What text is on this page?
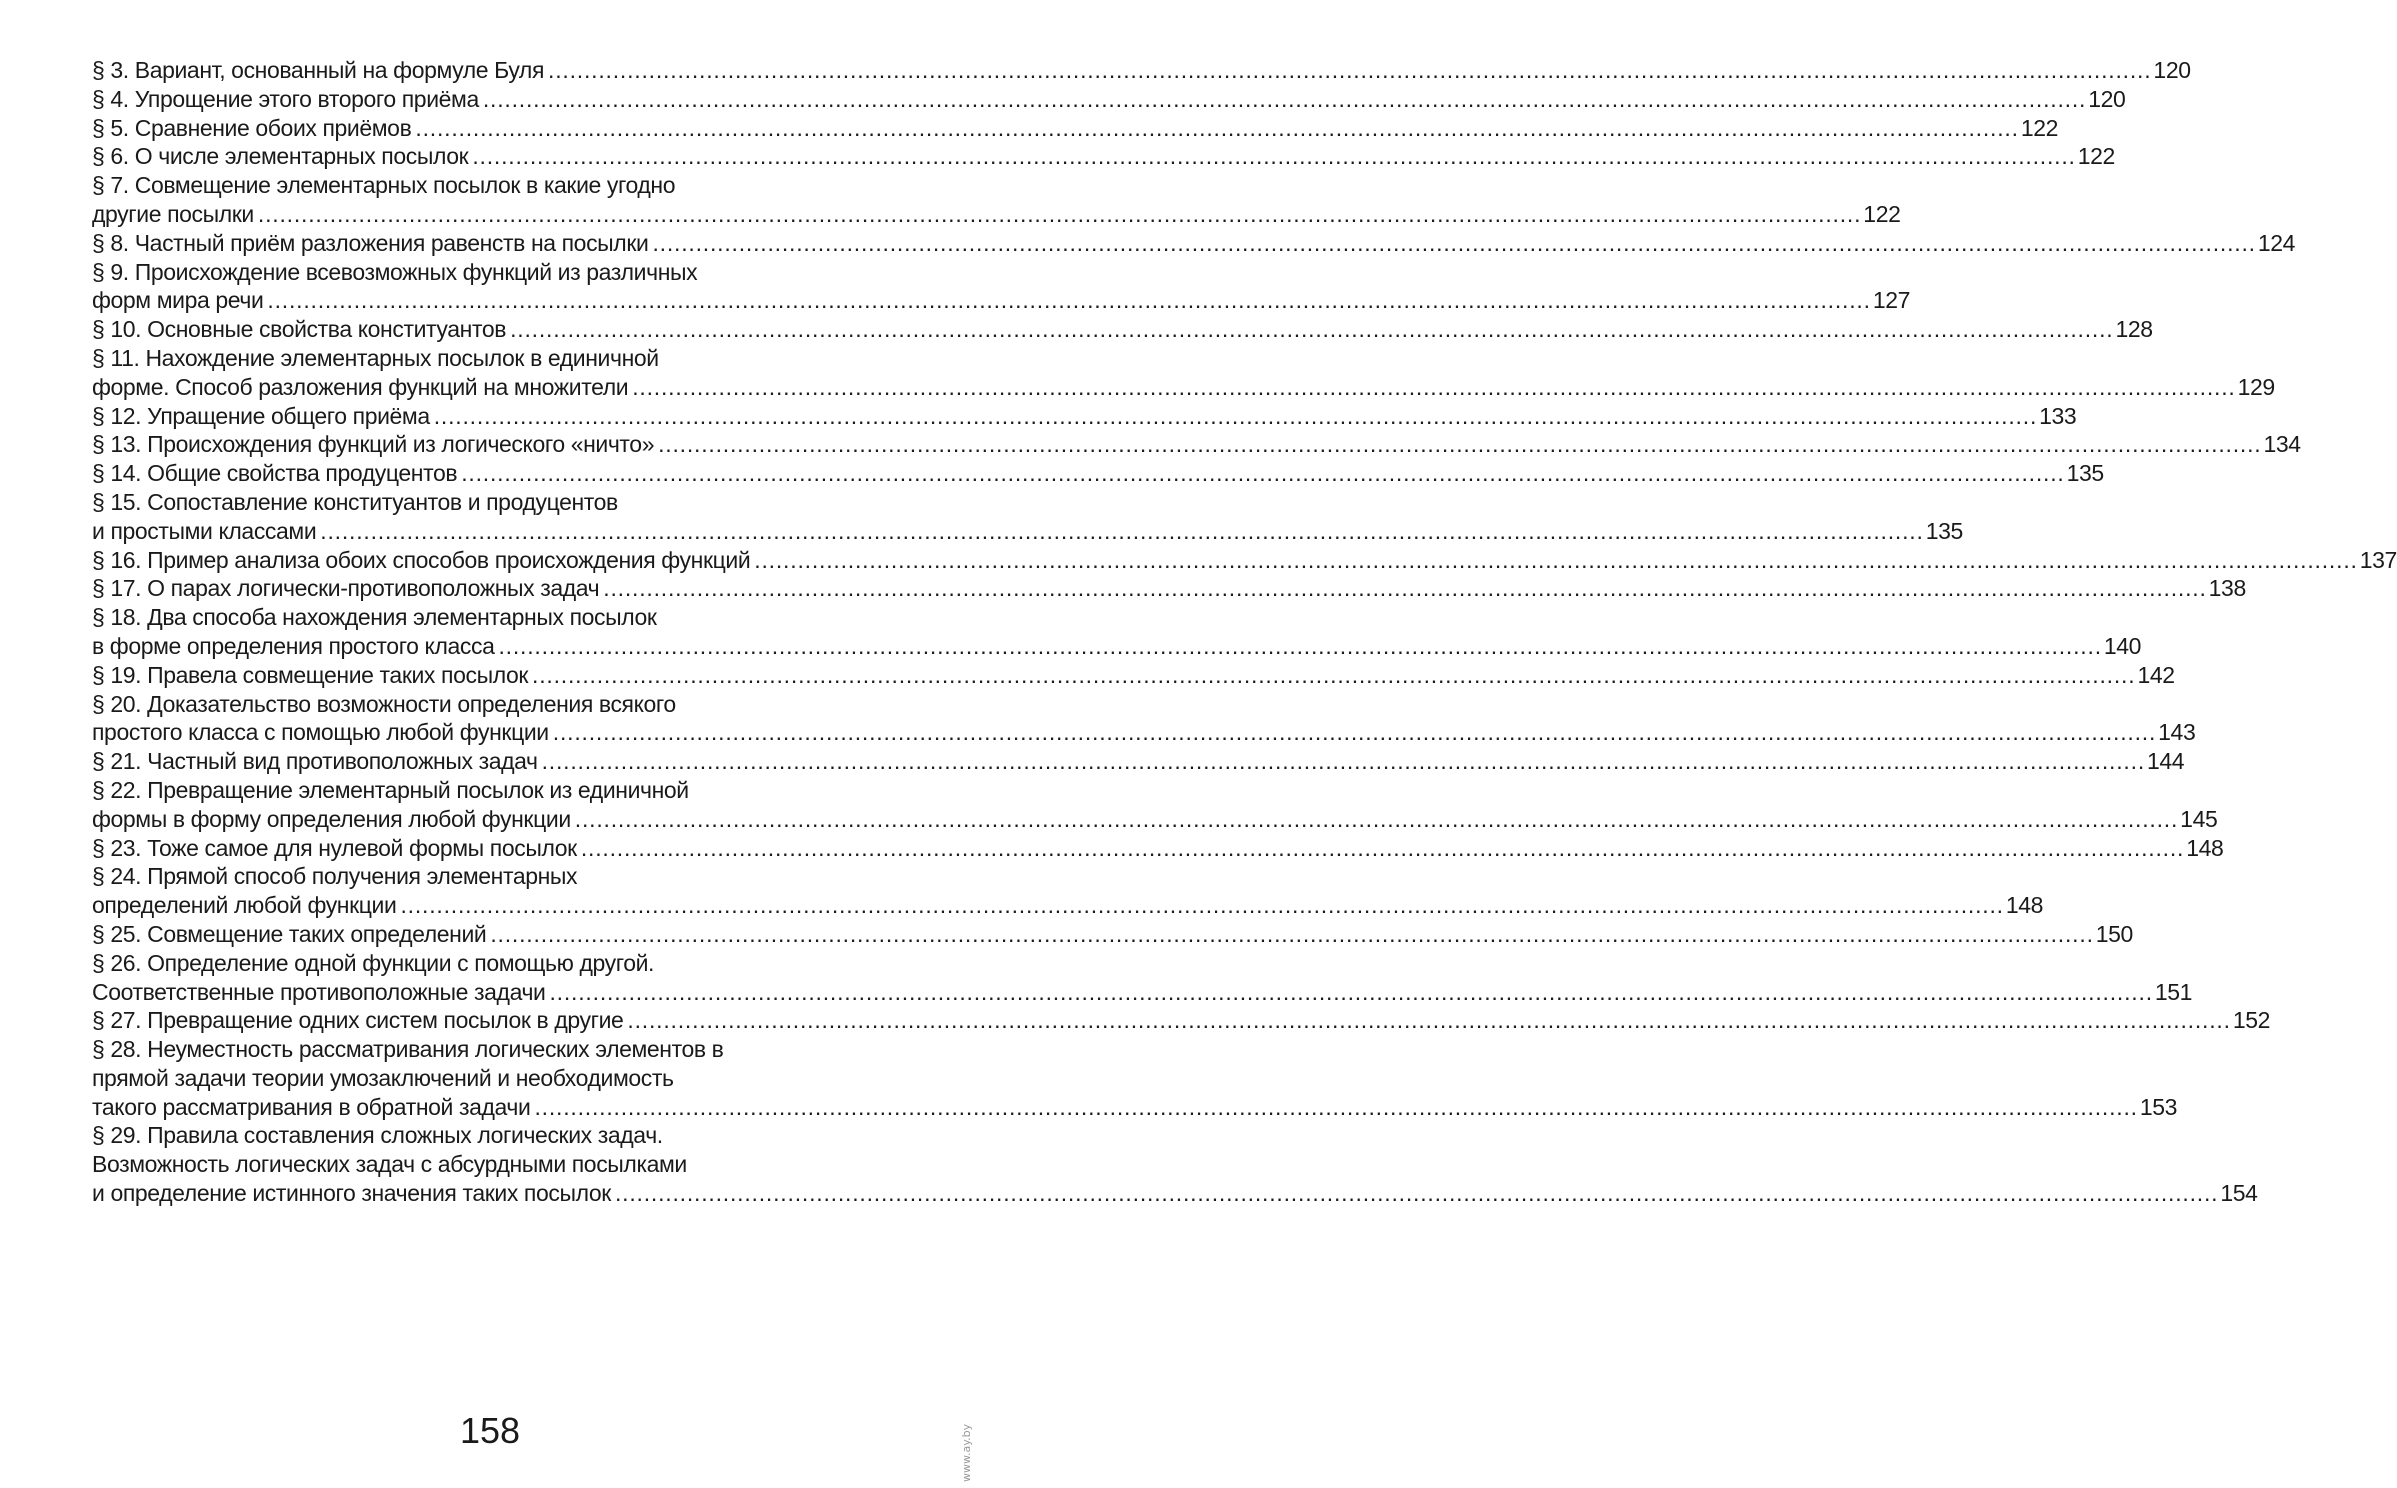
§ 3. Вариант, основанный на формуле Буля .....	120
§ 4. Упрощение этого второго приёма .....	120
§ 5. Сравнение обоих приёмов .....	122
§ 6. О числе элементарных посылок .....	122
§ 7. Совмещение элементарных посылок в какие угодно
другие посылки .....	122
§ 8. Частный приём разложения равенств на посылки .....	124
§ 9. Происхождение всевозможных функций из различных
форм мира речи .....	127
§ 10. Основные свойства конституантов .....	128
§ 11. Нахождение элементарных посылок в единичной
форме. Способ разложения функций на множители .....	129
§ 12. Упращение общего приёма .....	133
§ 13. Происхождения функций из логического «ничто» .....	134
§ 14. Общие свойства продуцентов .....	135
§ 15. Сопоставление конституантов и продуцентов
и простыми классами .....	135
§ 16. Пример анализа обоих способов происхождения функций .....	137
§ 17. О парах логически-противоположных задач .....	138
§ 18. Два способа нахождения элементарных посылок
в форме определения простого класса .....	140
§ 19. Правела совмещение таких посылок .....	142
§ 20. Доказательство возможности определения всякого
простого класса с помощью любой функции .....	143
§ 21. Частный вид противоположных задач .....	144
§ 22. Превращение элементарный посылок из единичной
формы в форму определения любой функции .....	145
§ 23. Тоже самое для нулевой формы посылок .....	148
§ 24. Прямой способ получения элементарных
определений любой функции .....	148
§ 25. Совмещение таких определений .....	150
§ 26. Определение одной функции с помощью другой.
Соответственные противоположные задачи .....	151
§ 27. Превращение одних систем посылок в другие .....	152
§ 28. Неуместность рассматривания логических элементов в
прямой задачи теории умозаключений и необходимость
такого рассматривания в обратной задачи .....	153
§ 29. Правила составления сложных логических задач.
Возможность логических задач с абсурдными посылками
и определение истинного значения таких посылок .....	154
158	www.ay.by
